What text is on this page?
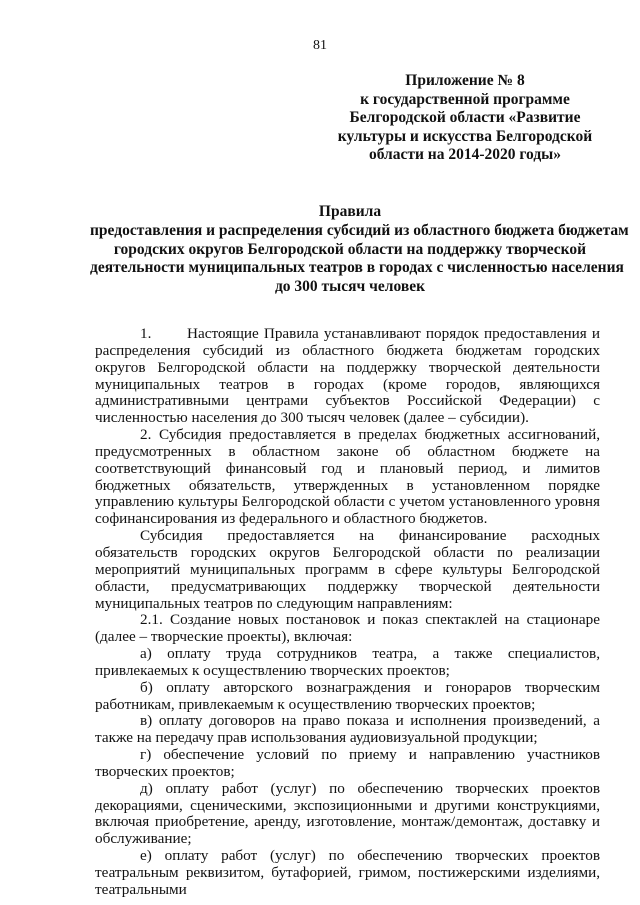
81
Приложение № 8
к государственной программе
Белгородской области «Развитие
культуры и искусства Белгородской
области на 2014-2020 годы»
Правила
предоставления и распределения субсидий из областного бюджета бюджетам
городских округов Белгородской области на поддержку творческой
деятельности муниципальных театров в городах с численностью населения
до 300 тысяч человек

1.       Настоящие Правила устанавливают порядок предоставления и распределения субсидий из областного бюджета бюджетам городских округов Белгородской области на поддержку творческой деятельности муниципальных театров в городах (кроме городов, являющихся административными центрами субъектов Российской Федерации) с численностью населения до 300 тысяч человек (далее – субсидии).

2. Субсидия предоставляется в пределах бюджетных ассигнований, предусмотренных в областном законе об областном бюджете на соответствующий финансовый год и плановый период, и лимитов бюджетных обязательств, утвержденных в установленном порядке управлению культуры Белгородской области с учетом установленного уровня софинансирования из федерального и областного бюджетов.

Субсидия предоставляется на финансирование расходных обязательств городских округов Белгородской области по реализации мероприятий муниципальных программ в сфере культуры Белгородской области, предусматривающих поддержку творческой деятельности муниципальных театров по следующим направлениям:

2.1. Создание новых постановок и показ спектаклей на стационаре (далее – творческие проекты), включая:

а) оплату труда сотрудников театра, а также специалистов, привлекаемых к осуществлению творческих проектов;

б) оплату авторского вознаграждения и гонораров творческим работникам, привлекаемым к осуществлению творческих проектов;

в) оплату договоров на право показа и исполнения произведений, а также на передачу прав использования аудиовизуальной продукции;

г) обеспечение условий по приему и направлению участников творческих проектов;

д) оплату работ (услуг) по обеспечению творческих проектов декорациями, сценическими, экспозиционными и другими конструкциями, включая приобретение, аренду, изготовление, монтаж/демонтаж, доставку и обслуживание;

е) оплату работ (услуг) по обеспечению творческих проектов театральным реквизитом, бутафорией, гримом, постижерскими изделиями, театральными
